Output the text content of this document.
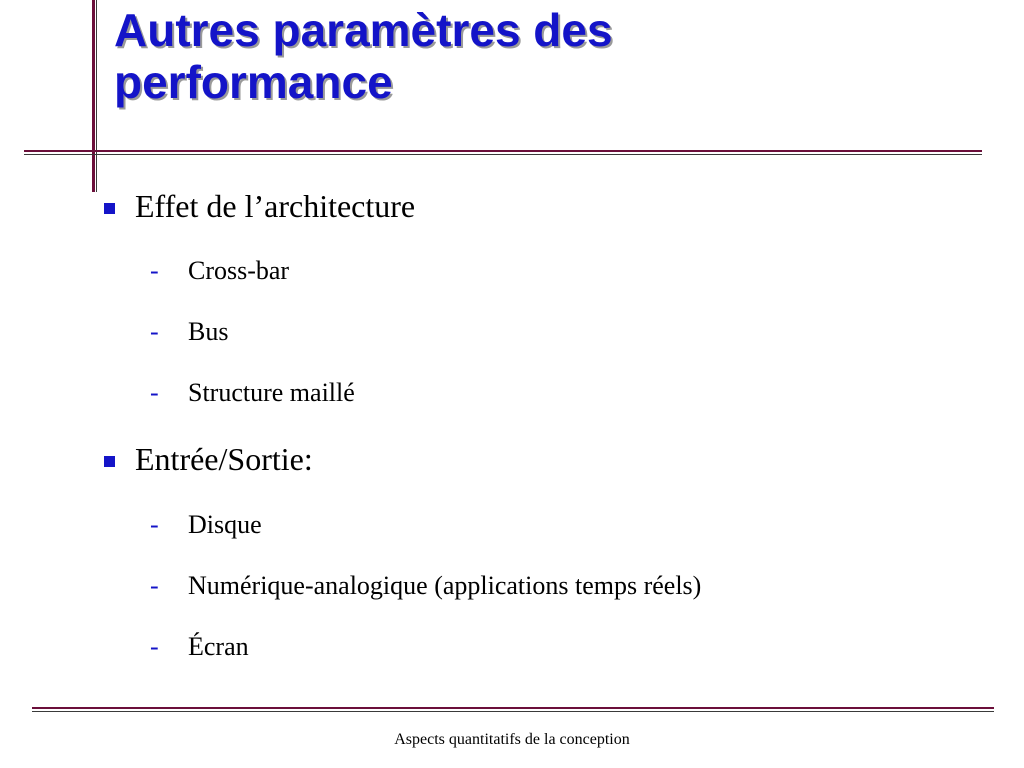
Autres paramètres des
performance
Effet de l’architecture
-	Cross-bar
-	Bus
-	Structure maillé
Entrée/Sortie:
-	Disque
-	Numérique-analogique (applications temps réels)
-	Écran
Aspects quantitatifs de la conception
